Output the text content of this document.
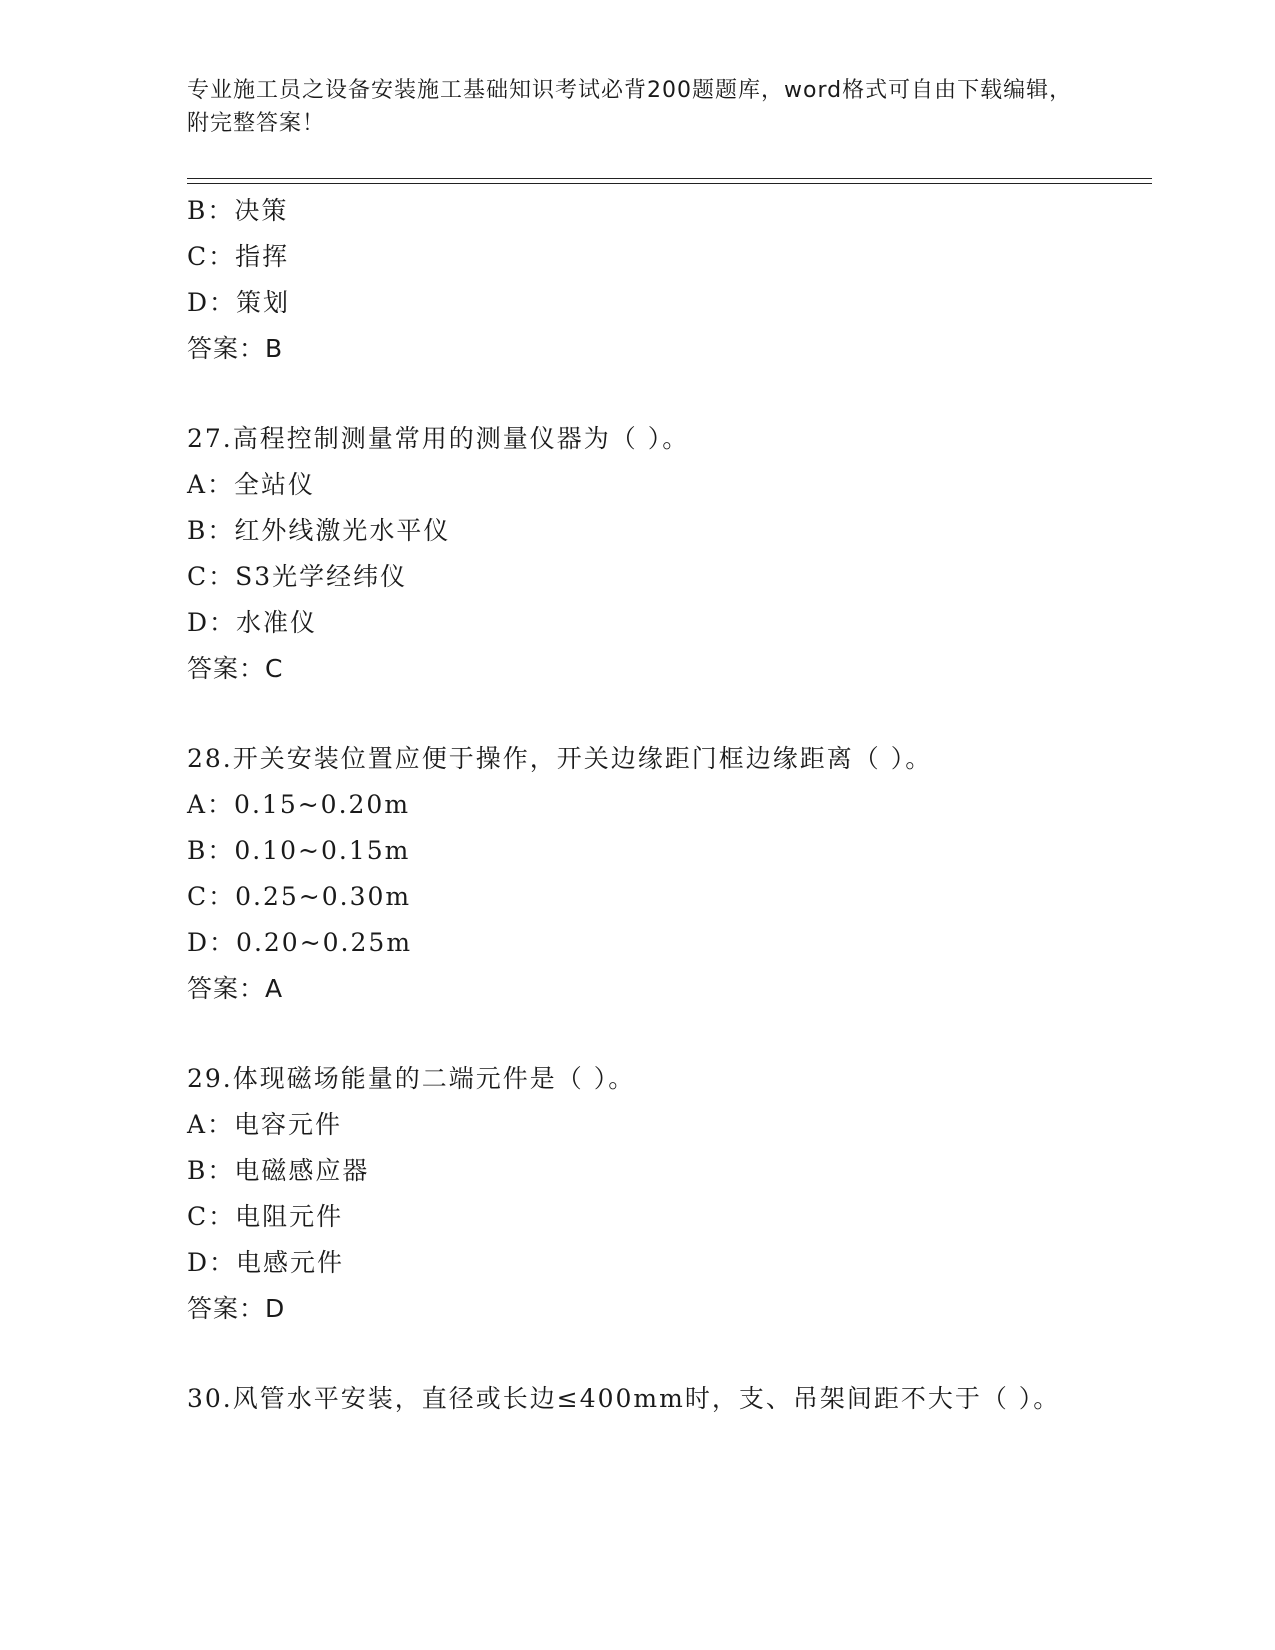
专业施工员之设备安装施工基础知识考试必背200题题库，word格式可自由下载编辑，附完整答案！
B：决策
C：指挥
D：策划
答案：B
27.高程控制测量常用的测量仪器为（ ）。
A：全站仪
B：红外线激光水平仪
C：S3光学经纬仪
D：水准仪
答案：C
28.开关安装位置应便于操作，开关边缘距门框边缘距离（ ）。
A：0.15~0.20m
B：0.10~0.15m
C：0.25~0.30m
D：0.20~0.25m
答案：A
29.体现磁场能量的二端元件是（ ）。
A：电容元件
B：电磁感应器
C：电阻元件
D：电感元件
答案：D
30.风管水平安装，直径或长边≤400mm时，支、吊架间距不大于（ ）。
